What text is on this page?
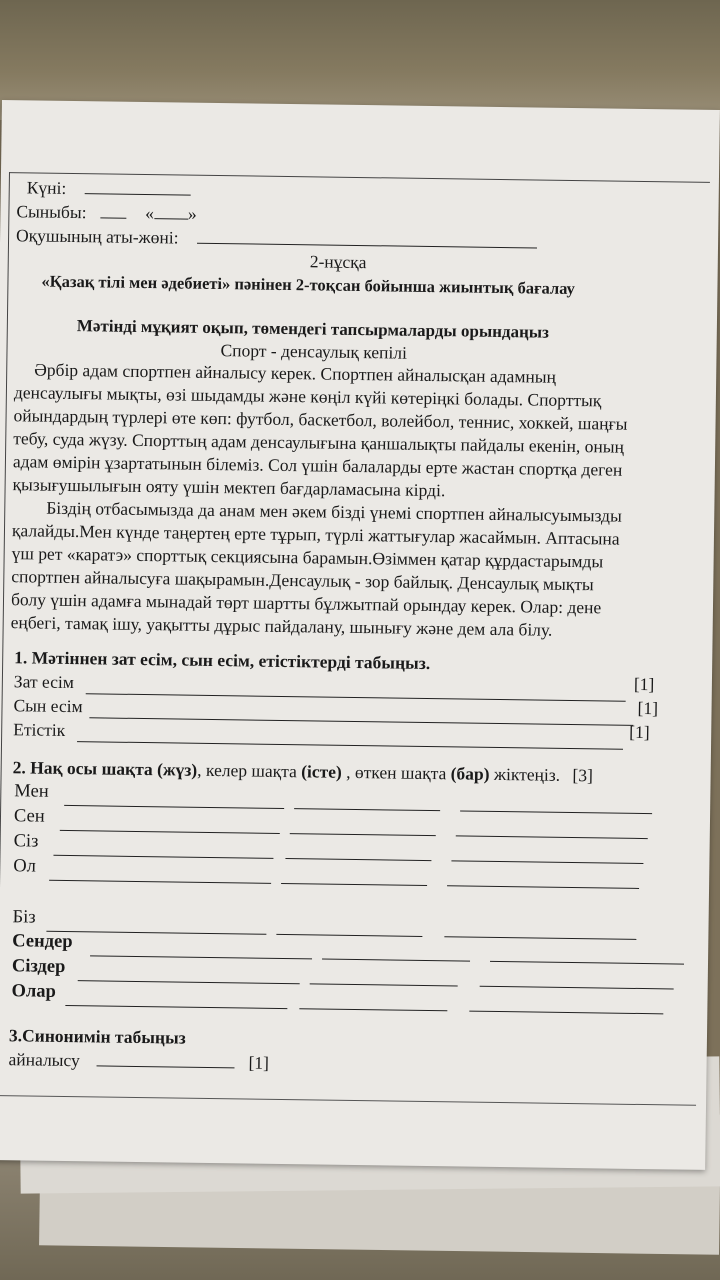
Күні:
Сыныбы:	« »
Оқушының аты-жөні:
2-нұсқа
«Қазақ тілі мен әдебиеті» пәнінен 2-тоқсан бойынша жиынтық бағалау
Мәтінді мұқият оқып, төмендегі тапсырмаларды орындаңыз
Спорт - денсаулық кепілі
Әрбір адам спортпен айналысу керек. Спортпен айналысқан адамның
денсаулығы мықты, өзі шыдамды және көңіл күйі көтеріңкі болады. Спорттық
ойындардың түрлері өте көп: футбол, баскетбол, волейбол, теннис, хоккей, шаңғы
тебу, суда жүзу. Спорттың адам денсаулығына қаншалықты пайдалы екенін, оның
адам өмірін ұзартатынын білеміз. Сол үшін балаларды ерте жастан спортқа деген
қызығушылығын ояту үшін мектеп бағдарламасына кірді.
Біздің отбасымызда да анам мен әкем бізді үнемі спортпен айналысуымызды
қалайды.Мен күнде таңертең ерте тұрып, түрлі жаттығулар жасаймын. Аптасына
үш рет «каратэ» спорттық секциясына барамын.Өзіммен қатар құрдастарымды
спортпен айналысуға шақырамын.Денсаулық - зор байлық. Денсаулық мықты
болу үшін адамға мынадай төрт шартты бұлжытпай орындау керек. Олар: дене
еңбегі, тамақ ішу, уақытты дұрыс пайдалану, шынығу және дем ала білу.
1. Мәтіннен зат есім, сын есім, етістіктерді табыңыз.
Зат есім	[1]
Сын есім	[1]
Етістік	[1]
2. Нақ осы шақта (жүз), келер шақта (істе) , өткен шақта (бар) жіктеңіз. [3]
Мен
Сен
Сіз
Ол
Біз
Сендер
Сіздер
Олар
3.Синонимін табыңыз
айналысу	[1]
